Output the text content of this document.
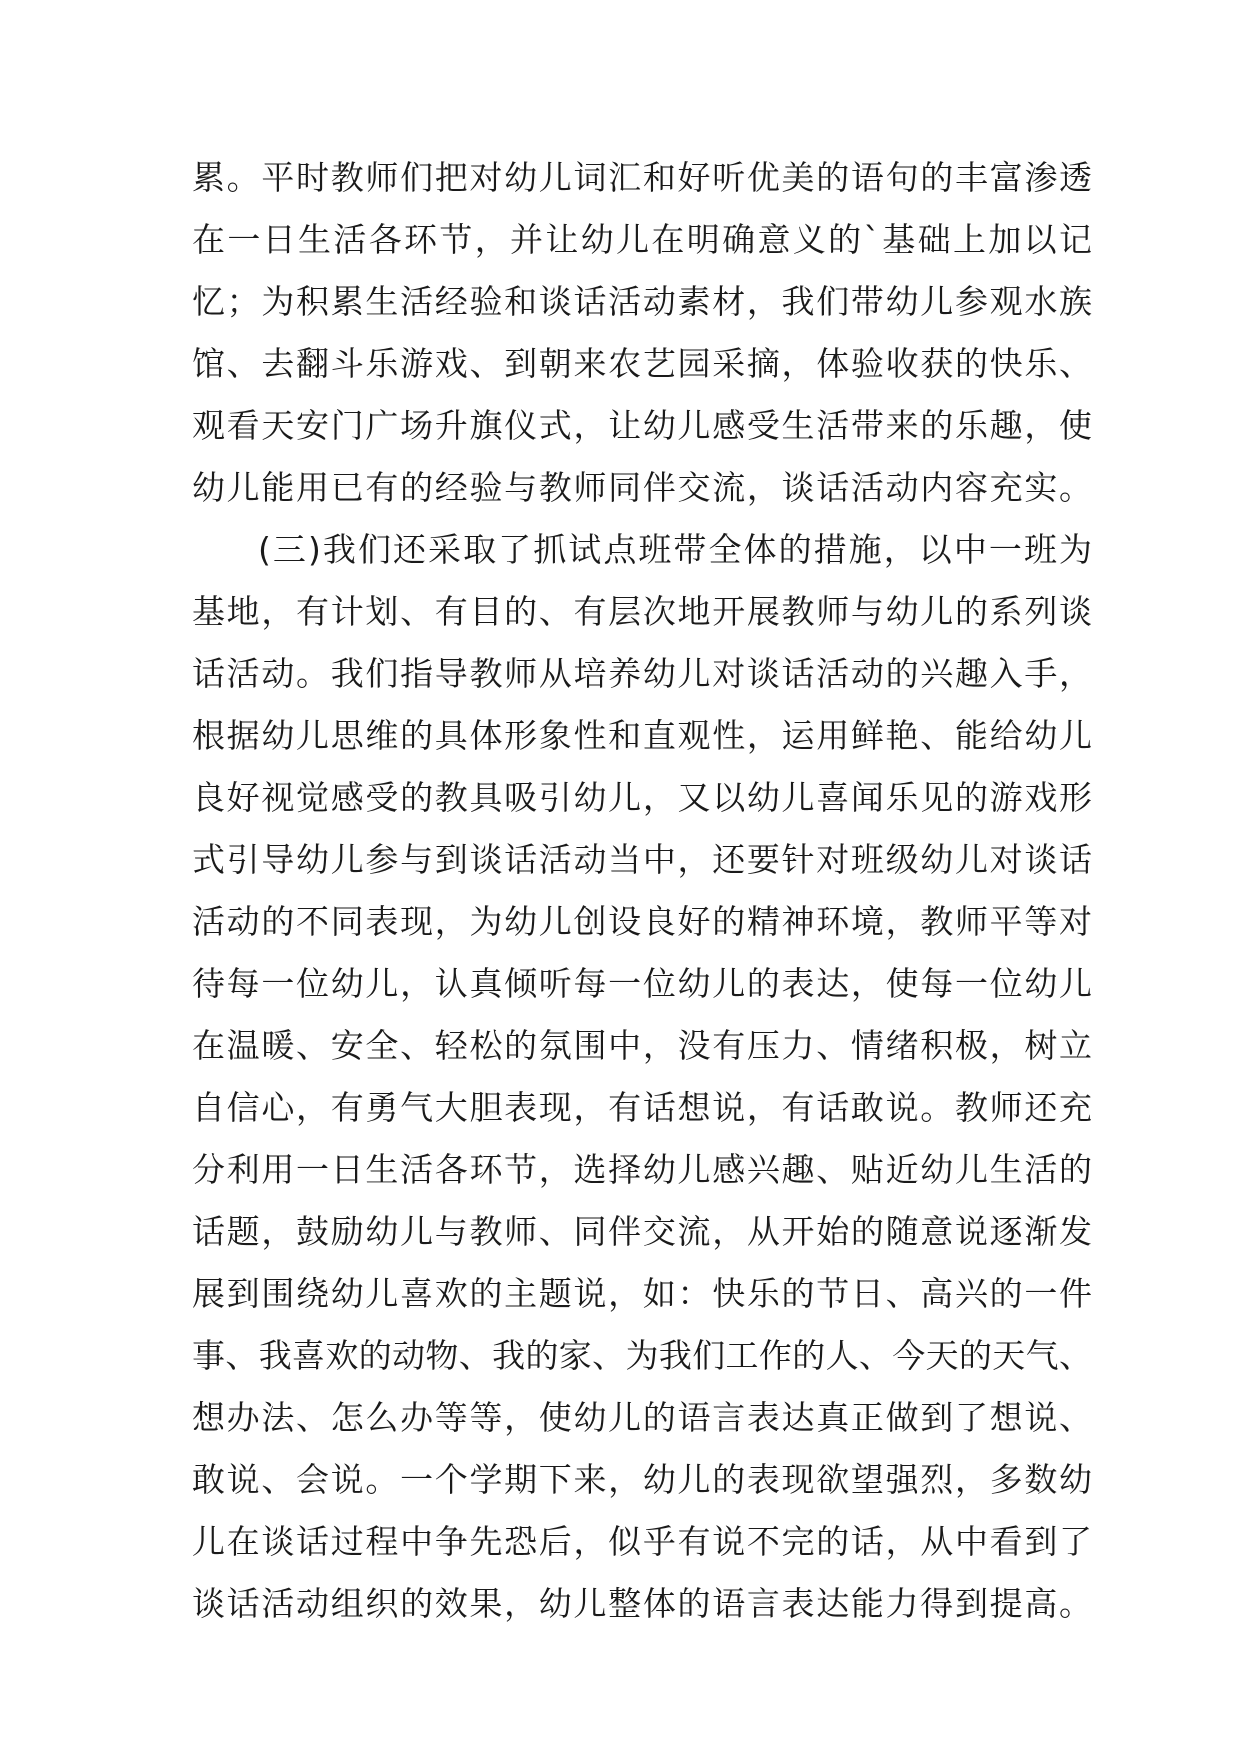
累。平时教师们把对幼儿词汇和好听优美的语句的丰富渗透
在一日生活各环节，并让幼儿在明确意义的`基础上加以记
忆；为积累生活经验和谈话活动素材，我们带幼儿参观水族
馆、去翻斗乐游戏、到朝来农艺园采摘，体验收获的快乐、
观看天安门广场升旗仪式，让幼儿感受生活带来的乐趣，使
幼儿能用已有的经验与教师同伴交流，谈话活动内容充实。
(三)我们还采取了抓试点班带全体的措施，以中一班为
基地，有计划、有目的、有层次地开展教师与幼儿的系列谈
话活动。我们指导教师从培养幼儿对谈话活动的兴趣入手，
根据幼儿思维的具体形象性和直观性，运用鲜艳、能给幼儿
良好视觉感受的教具吸引幼儿，又以幼儿喜闻乐见的游戏形
式引导幼儿参与到谈话活动当中，还要针对班级幼儿对谈话
活动的不同表现，为幼儿创设良好的精神环境，教师平等对
待每一位幼儿，认真倾听每一位幼儿的表达，使每一位幼儿
在温暖、安全、轻松的氛围中，没有压力、情绪积极，树立
自信心，有勇气大胆表现，有话想说，有话敢说。教师还充
分利用一日生活各环节，选择幼儿感兴趣、贴近幼儿生活的
话题，鼓励幼儿与教师、同伴交流，从开始的随意说逐渐发
展到围绕幼儿喜欢的主题说，如：快乐的节日、高兴的一件
事、我喜欢的动物、我的家、为我们工作的人、今天的天气、
想办法、怎么办等等，使幼儿的语言表达真正做到了想说、
敢说、会说。一个学期下来，幼儿的表现欲望强烈，多数幼
儿在谈话过程中争先恐后，似乎有说不完的话，从中看到了
谈话活动组织的效果，幼儿整体的语言表达能力得到提高。
